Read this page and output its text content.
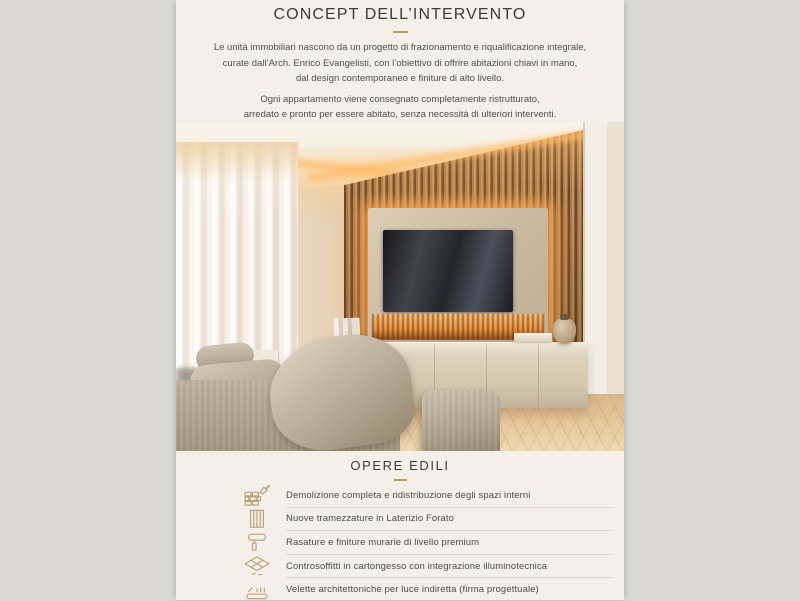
CONCEPT DELL’INTERVENTO
Le unità immobiliari nascono da un progetto di frazionamento e riqualificazione integrale,
curate dall’Arch. Enrico Evangelisti, con l’obiettivo di offrire abitazioni chiavi in mano,
dal design contemporaneo e finiture di alto livello.
Ogni appartamento viene consegnato completamente ristrutturato,
arredato e pronto per essere abitato, senza necessità di ulteriori interventi.
OPERE EDILI
Demolizione completa e ridistribuzione degli spazi interni
Nuove tramezzature in Laterizio Forato
Rasature e finiture murarie di livello premium
Controsoffitti in cartongesso con integrazione illuminotecnica
Velette architettoniche per luce indiretta (firma progettuale)
